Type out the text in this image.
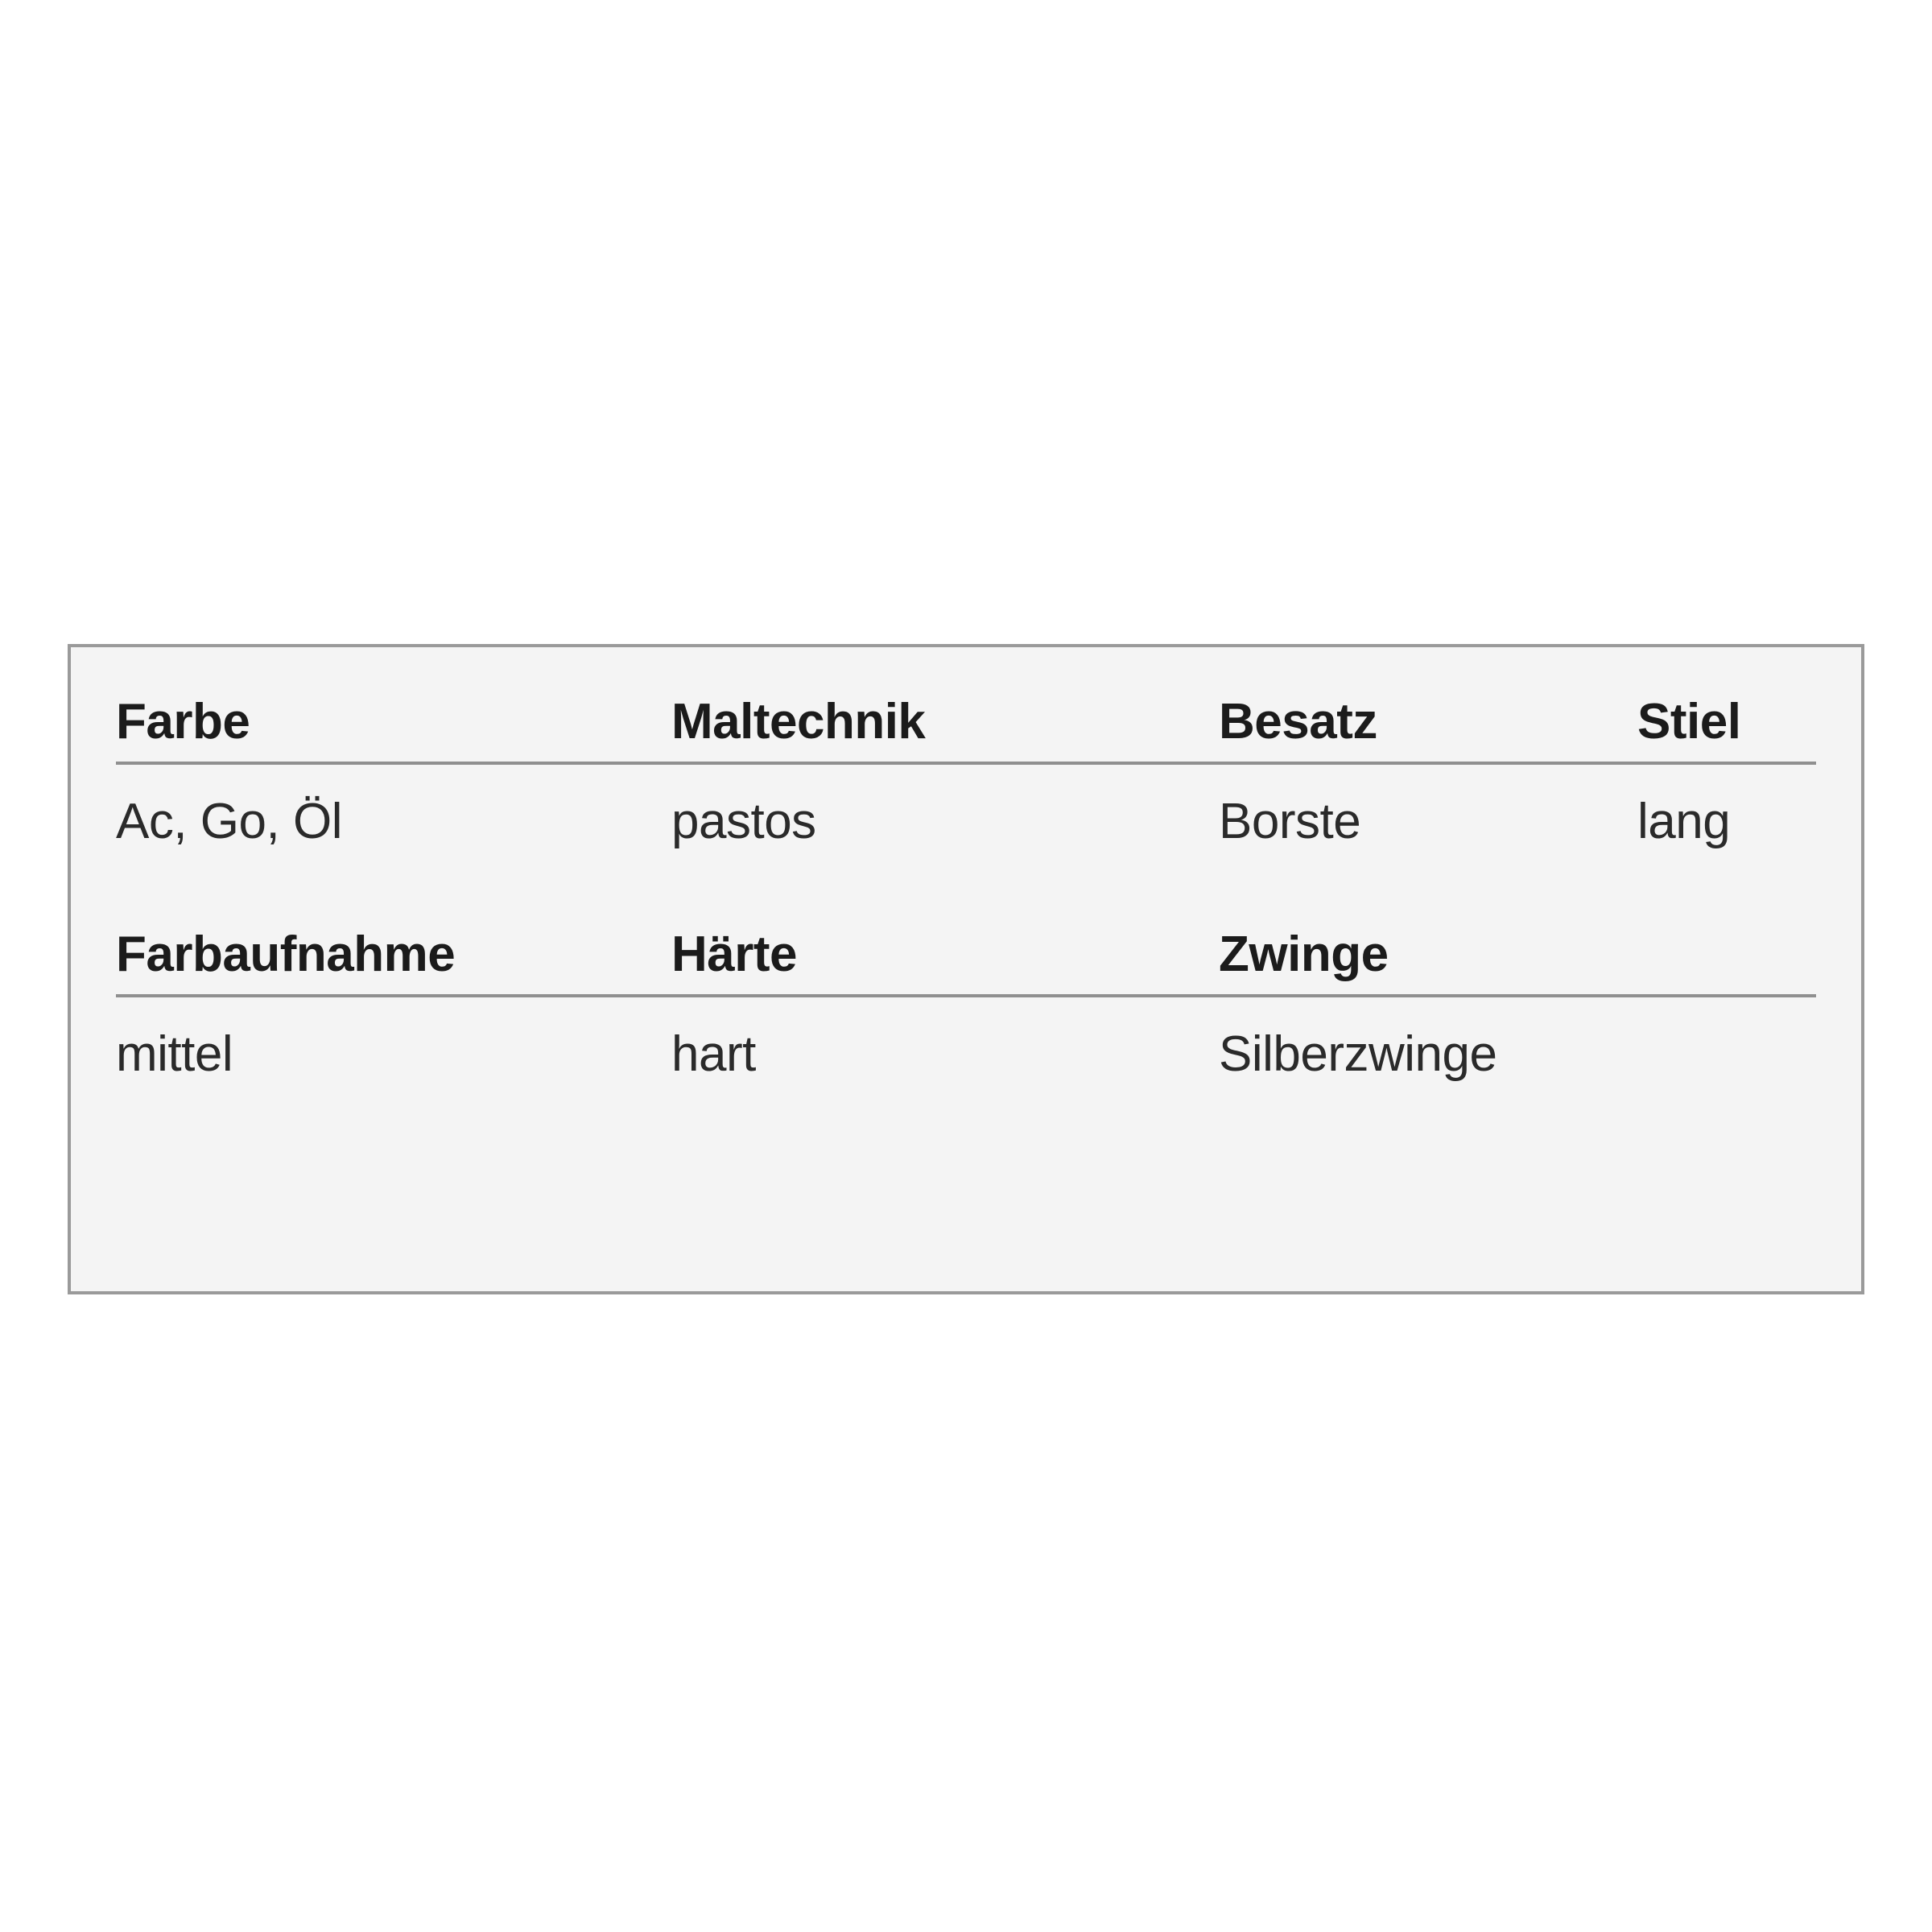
Farbe	Maltechnik	Besatz	Stiel
Ac, Go, Öl	pastos	Borste	lang
Farbaufnahme	Härte	Zwinge
mittel	hart	Silberzwinge
